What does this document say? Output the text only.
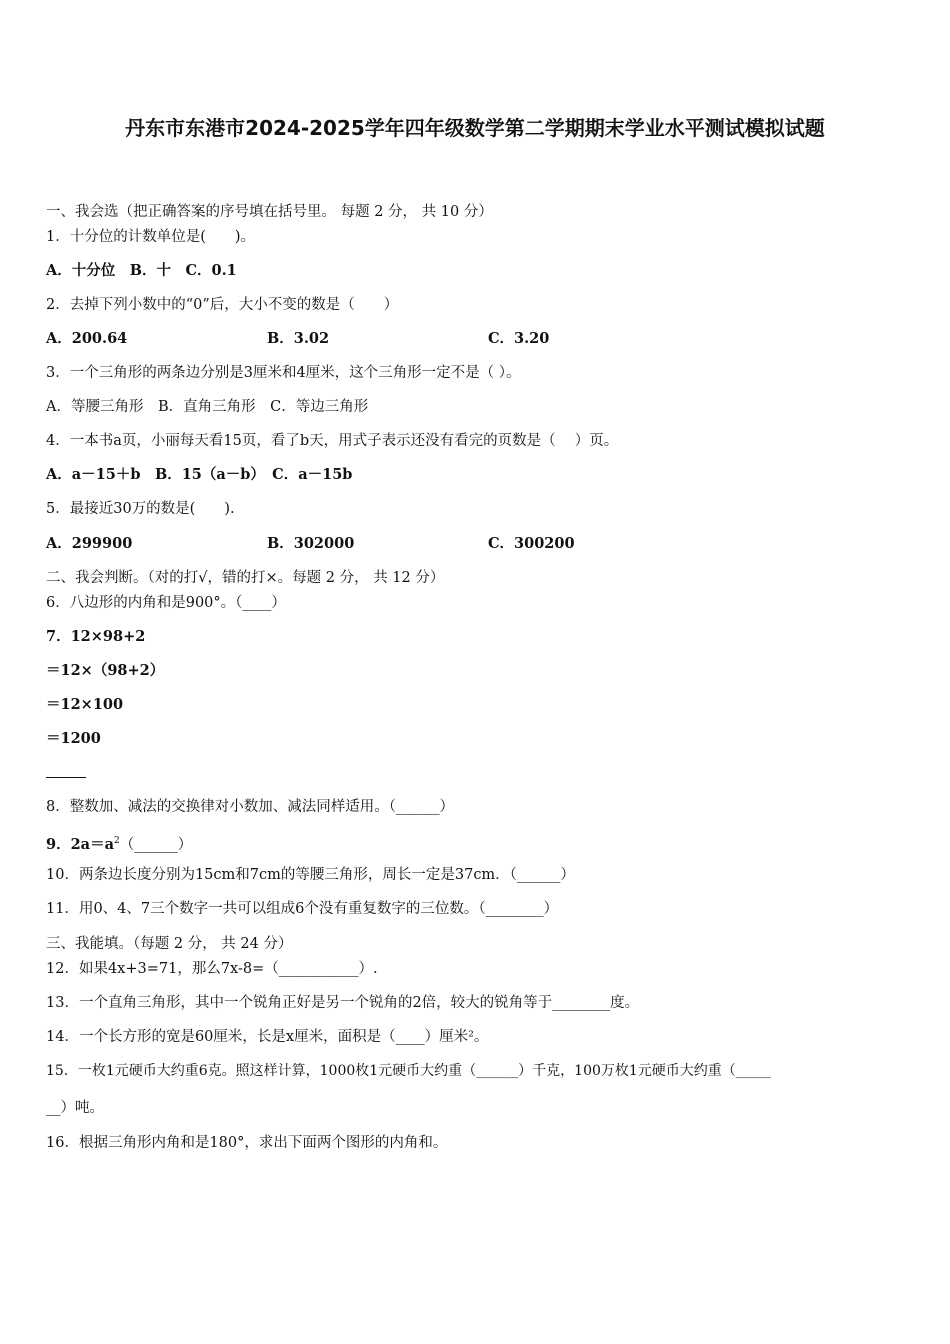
丹东市东港市2024-2025学年四年级数学第二学期期末学业水平测试模拟试题
一、我会选（把正确答案的序号填在括号里。 每题 2 分， 共 10 分）
1．十分位的计数单位是(　　)。
A．十分位　B．十　C．0.1
2．去掉下列小数中的“0”后，大小不变的数是（　　）
A．200.64	B．3.02	C．3.20
3．一个三角形的两条边分别是3厘米和4厘米，这个三角形一定不是（ ）。
A．等腰三角形　B．直角三角形　C．等边三角形
4．一本书a页，小丽每天看15页，看了b天，用式子表示还没有看完的页数是（　 ）页。
A．a－15＋b　B．15（a－b）　C．a－15b
5．最接近30万的数是(　　).
A．299900	B．302000	C．300200
二、我会判断。（对的打√，错的打×。每题 2 分， 共 12 分）
6．八边形的内角和是900°。（____）
7．12×98+2
＝12×（98+2）
＝12×100
＝1200
8．整数加、减法的交换律对小数加、减法同样适用。（______）
9．$2a=a^2(\_\_\_\_\_\_)$
10．两条边长度分别为15cm和7cm的等腰三角形，周长一定是37cm．（______）
11．用0、4、7三个数字一共可以组成6个没有重复数字的三位数。（________）
三、我能填。（每题 2 分， 共 24 分）
12．如果4x+3=71，那么7x-8=（___________）.
13．一个直角三角形，其中一个锐角正好是另一个锐角的2倍，较大的锐角等于________度。
14．一个长方形的宽是60厘米，长是x厘米，面积是（____）厘米²。
15．一枚1元硬币大约重6克。照这样计算，1000枚1元硬币大约重（______）千克，100万枚1元硬币大约重（_____
__）吨。
16．根据三角形内角和是180°，求出下面两个图形的内角和。
